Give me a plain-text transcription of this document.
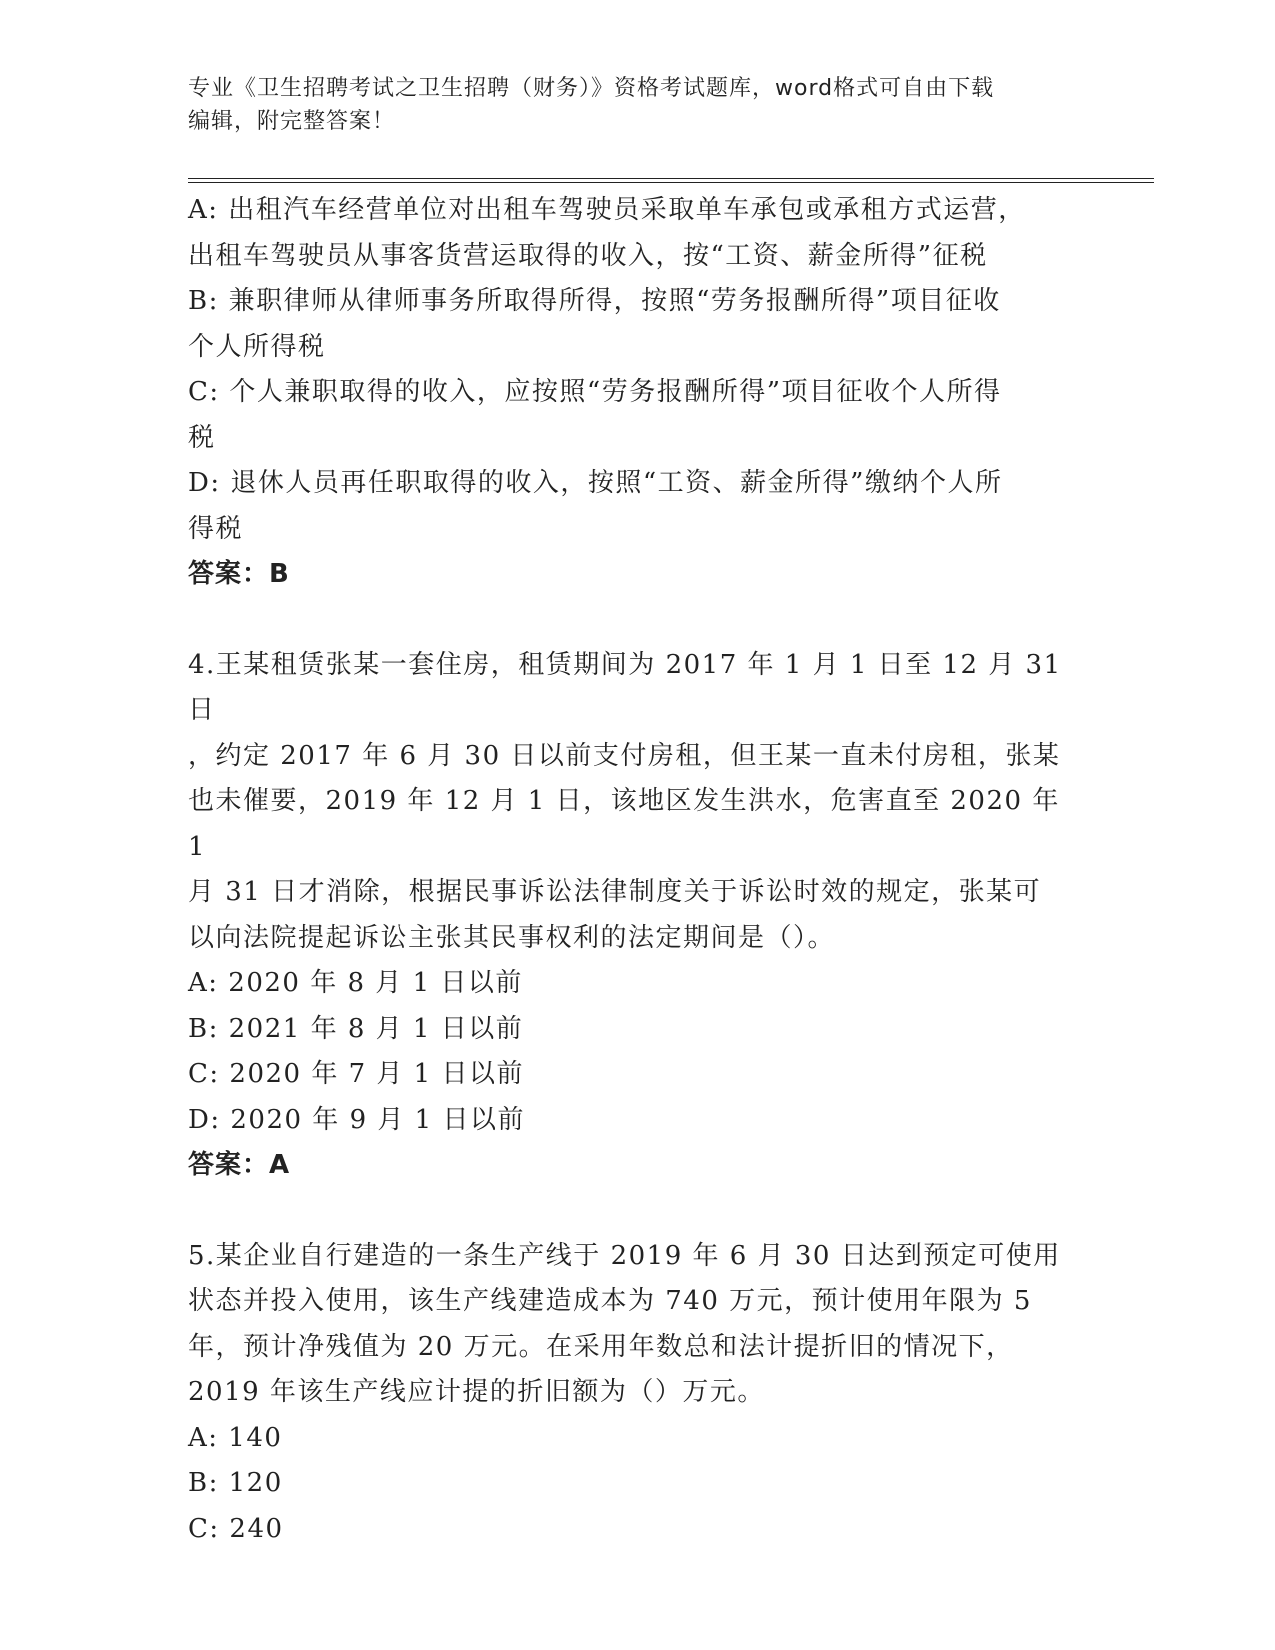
专业《卫生招聘考试之卫生招聘（财务）》资格考试题库，word格式可自由下载
编辑，附完整答案！

A: 出租汽车经营单位对出租车驾驶员采取单车承包或承租方式运营，

出租车驾驶员从事客货营运取得的收入，按“工资、薪金所得”征税

B: 兼职律师从律师事务所取得所得，按照“劳务报酬所得”项目征收

个人所得税

C: 个人兼职取得的收入，应按照“劳务报酬所得”项目征收个人所得

税

D: 退休人员再任职取得的收入，按照“工资、薪金所得”缴纳个人所

得税

答案：B

4.王某租赁张某一套住房，租赁期间为 2017 年 1 月 1 日至 12 月 31 日

，约定 2017 年 6 月 30 日以前支付房租，但王某一直未付房租，张某

也未催要，2019 年 12 月 1 日，该地区发生洪水，危害直至 2020 年 1

月 31 日才消除，根据民事诉讼法律制度关于诉讼时效的规定，张某可

以向法院提起诉讼主张其民事权利的法定期间是（）。

A: 2020 年 8 月 1 日以前

B: 2021 年 8 月 1 日以前

C: 2020 年 7 月 1 日以前

D: 2020 年 9 月 1 日以前

答案：A

5.某企业自行建造的一条生产线于 2019 年 6 月 30 日达到预定可使用

状态并投入使用，该生产线建造成本为 740 万元，预计使用年限为 5

年，预计净残值为 20 万元。在采用年数总和法计提折旧的情况下，

2019 年该生产线应计提的折旧额为（）万元。

A: 140

B: 120

C: 240
